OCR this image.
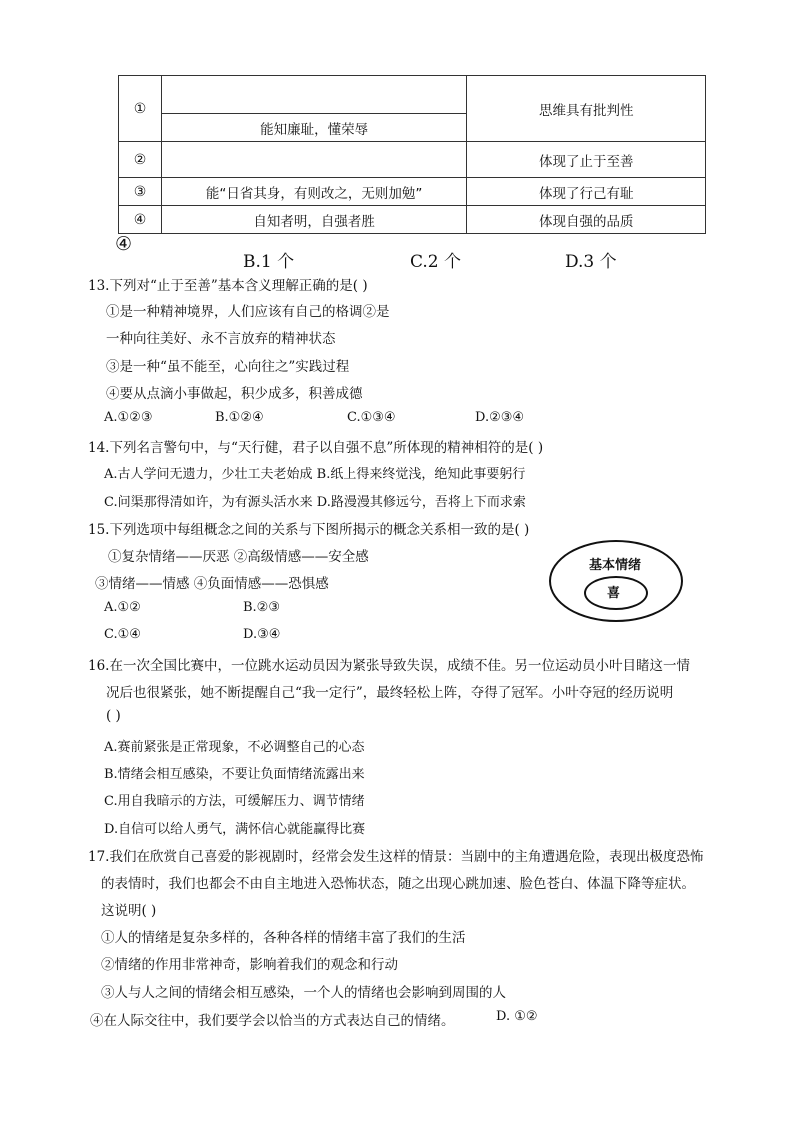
①		思维具有批判性
	能知廉耻，懂荣辱	
②		体现了止于至善
③	能“日省其身，有则改之，无则加勉”	体现了行己有耻
④	自知者明，自强者胜	体现自强的品质
④
B.1 个	C.2 个	D.3 个
13.下列对“止于至善”基本含义理解正确的是( )
①是一种精神境界，人们应该有自己的格调②是
一种向往美好、永不言放弃的精神状态
③是一种“虽不能至，心向往之”实践过程
④要从点滴小事做起，积少成多，积善成德
A.①②③	B.①②④	C.①③④	D.②③④
14.下列名言警句中，与“天行健，君子以自强不息”所体现的精神相符的是( )
A.古人学问无遗力，少壮工夫老始成 B.纸上得来终觉浅，绝知此事要躬行
C.问渠那得清如许，为有源头活水来 D.路漫漫其修远兮，吾将上下而求索
15.下列选项中每组概念之间的关系与下图所揭示的概念关系相一致的是( )
①复杂情绪——厌恶 ②高级情感——安全感
③情绪——情感 ④负面情感——恐惧感
A.①②	B.②③
C.①④	D.③④
基本情绪
喜
16.在一次全国比赛中，一位跳水运动员因为紧张导致失误，成绩不佳。另一位运动员小叶目睹这一情
况后也很紧张，她不断提醒自己“我一定行”，最终轻松上阵，夺得了冠军。小叶夺冠的经历说明
( )
A.赛前紧张是正常现象，不必调整自己的心态
B.情绪会相互感染，不要让负面情绪流露出来
C.用自我暗示的方法，可缓解压力、调节情绪
D.自信可以给人勇气，满怀信心就能赢得比赛
17.我们在欣赏自己喜爱的影视剧时，经常会发生这样的情景：当剧中的主角遭遇危险，表现出极度恐怖
的表情时，我们也都会不由自主地进入恐怖状态，随之出现心跳加速、脸色苍白、体温下降等症状。
这说明( )
①人的情绪是复杂多样的，各种各样的情绪丰富了我们的生活
②情绪的作用非常神奇，影响着我们的观念和行动
③人与人之间的情绪会相互感染，一个人的情绪也会影响到周围的人
④在人际交往中，我们要学会以恰当的方式表达自己的情绪。	D. ①②
